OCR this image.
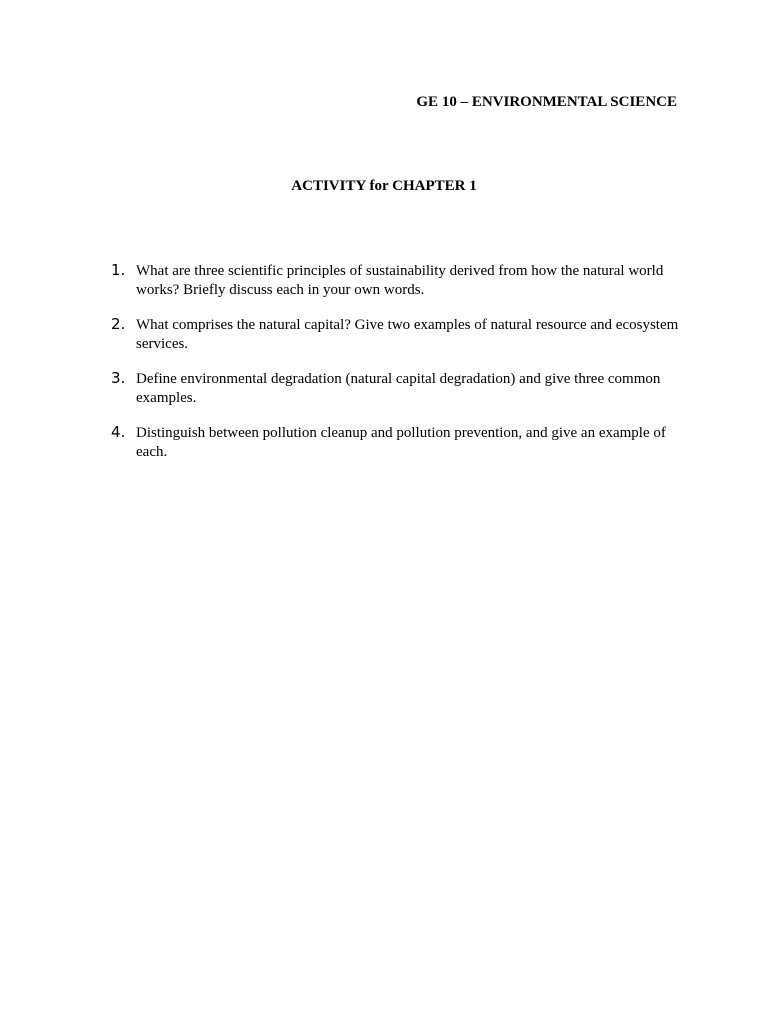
GE 10 – ENVIRONMENTAL SCIENCE
ACTIVITY for CHAPTER 1
1. What are three scientific principles of sustainability derived from how the natural world works? Briefly discuss each in your own words.
2. What comprises the natural capital? Give two examples of natural resource and ecosystem services.
3. Define environmental degradation (natural capital degradation) and give three common examples.
4. Distinguish between pollution cleanup and pollution prevention, and give an example of each.
